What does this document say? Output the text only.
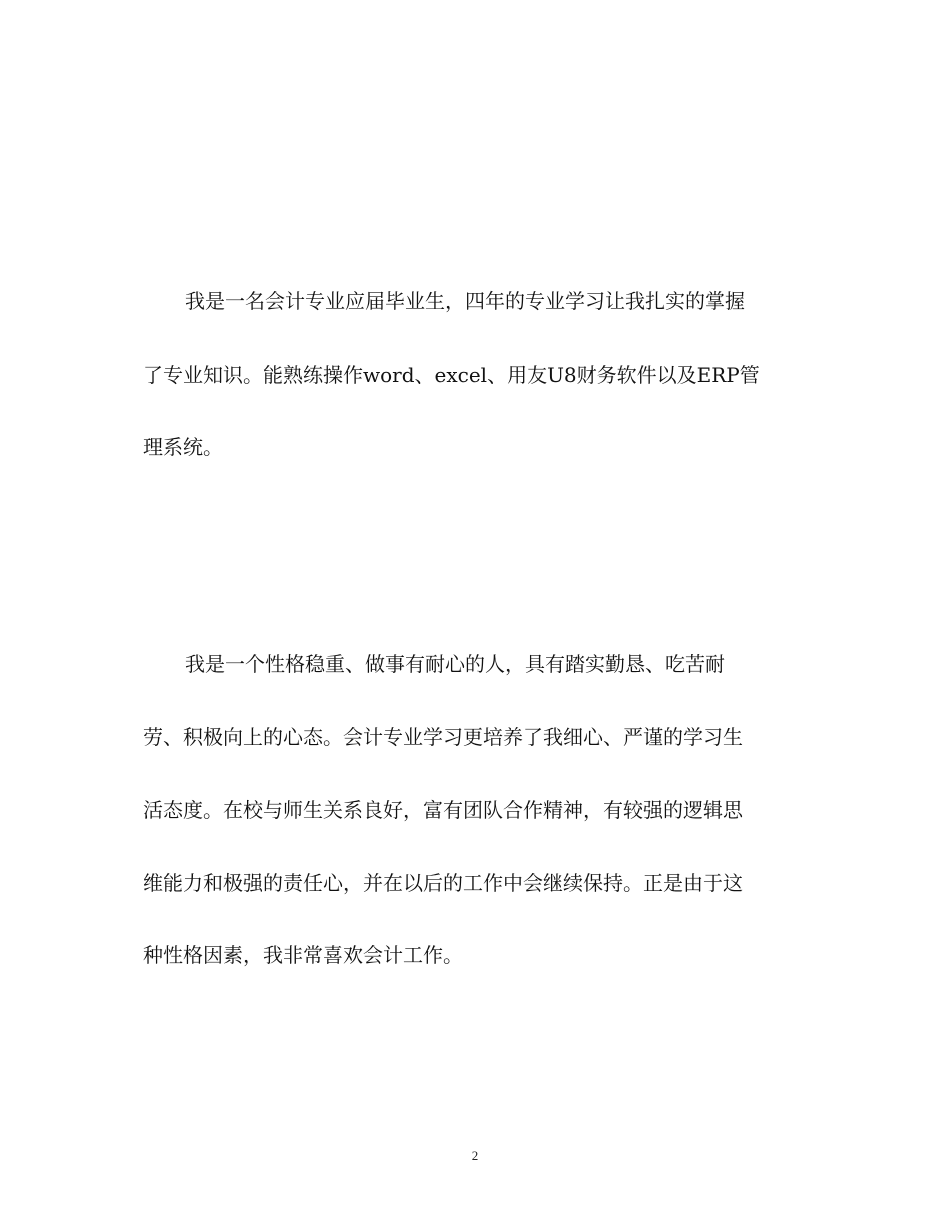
我是一名会计专业应届毕业生，四年的专业学习让我扎实的掌握
了专业知识。能熟练操作word、excel、用友U8财务软件以及ERP管
理系统。
我是一个性格稳重、做事有耐心的人，具有踏实勤恳、吃苦耐
劳、积极向上的心态。会计专业学习更培养了我细心、严谨的学习生
活态度。在校与师生关系良好，富有团队合作精神，有较强的逻辑思
维能力和极强的责任心，并在以后的工作中会继续保持。正是由于这
种性格因素，我非常喜欢会计工作。
2
